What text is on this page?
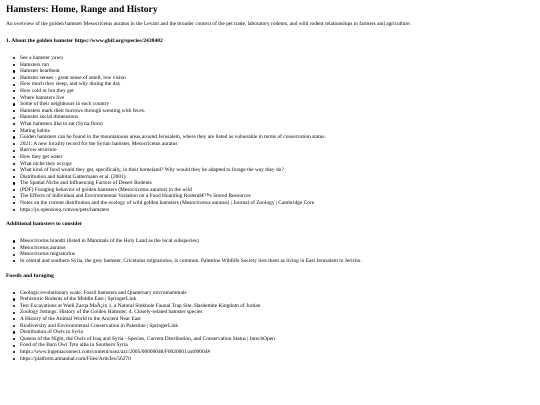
Hamsters: Home, Range and History

An overview of the golden hamster Mesocricetus auratus in the Levant and the broader context of the pet trade, laboratory rodents, and wild rodent relationships to farmers and agriculture.

1. About the golden hamster https://www.gbif.org/species/2438482
See a hamster yawn
Hamsters run
Hamster heartbeat
Hamster senses - great sense of smell, low vision
How much they sleep, and why during the day
How cold or hot they get
Where hamsters live
Some of their neighbours in each country
Hamsters mark their burrows through scenting with feces.
Hamster social dimensions
What hamsters like to eat (Syria flora)
Mating habits
Golden hamsters can be found in the mountainous areas around Jerusalem, where they are listed as vulnerable in terms of conservation status.
2021: A new locality record for the Syrian hamster, Mesocricetus auratus
Burrow structure
How they get water
What niche they occupy
What kind of food would they get, specifically, in their homeland? Why would they be adapted to forage the way they do?
Distribution and habitat Gattermann et al. (2001)
The Spatial Niche and Influencing Factors of Desert Rodents
(PDF) Foraging behavior of golden hamsters (Mesocricetus auratus) in the wild
The Effects of Individual and Environmental Variation on a Food Hoarding Rodentâ€™s Stored Resources
Notes on the current distribution and the ecology of wild golden hamsters (Mesocricetus auratus) | Journal of Zoology | Cambridge Core
https://jo.opensooq.com/en/pets/hamsters
Additional hamsters to consider
Mesocricetus brandti (listed in Mammals of the Holy Land as the local subspecies)
Mesocricetus auratus
Mesocricetus migratorius
In central and southern Syria, the grey hamster, Cricetulus migratorius, is common. Palestine Wildlife Society lists them as living in East Jerusalem to Jericho.
Fossils and foraging
Geologic/evolutionary scale: Fossil hamsters and Quaternary micromammals
Prehistoric Rodents of the Middle East | SpringerLink
Test Excavations at Wadi Zarqa MaÃ¿in 1, a Natural Sinkhole Faunal Trap Site, Hashemite Kingdom of Jordan
Zoology Jottings: History of the Golden Hamster; 4. Closely-related hamster species
A History of the Animal World in the Ancient Near East
Biodiversity and Environmental Conservation in Palestine | SpringerLink
Distribution of Owls in Syria
Queens of the Night, the Owls of Iraq and Syria - Species, Current Distribution, and Conservation Status | IntechOpen
Food of the Barn Owl Tyto alba in Southern Syria
https://www.ingentaconnect.com/content/usez/azc/2005/00000048/F0020001/art00004#
https://platform.almanhal.com/Files/Articles/56270
